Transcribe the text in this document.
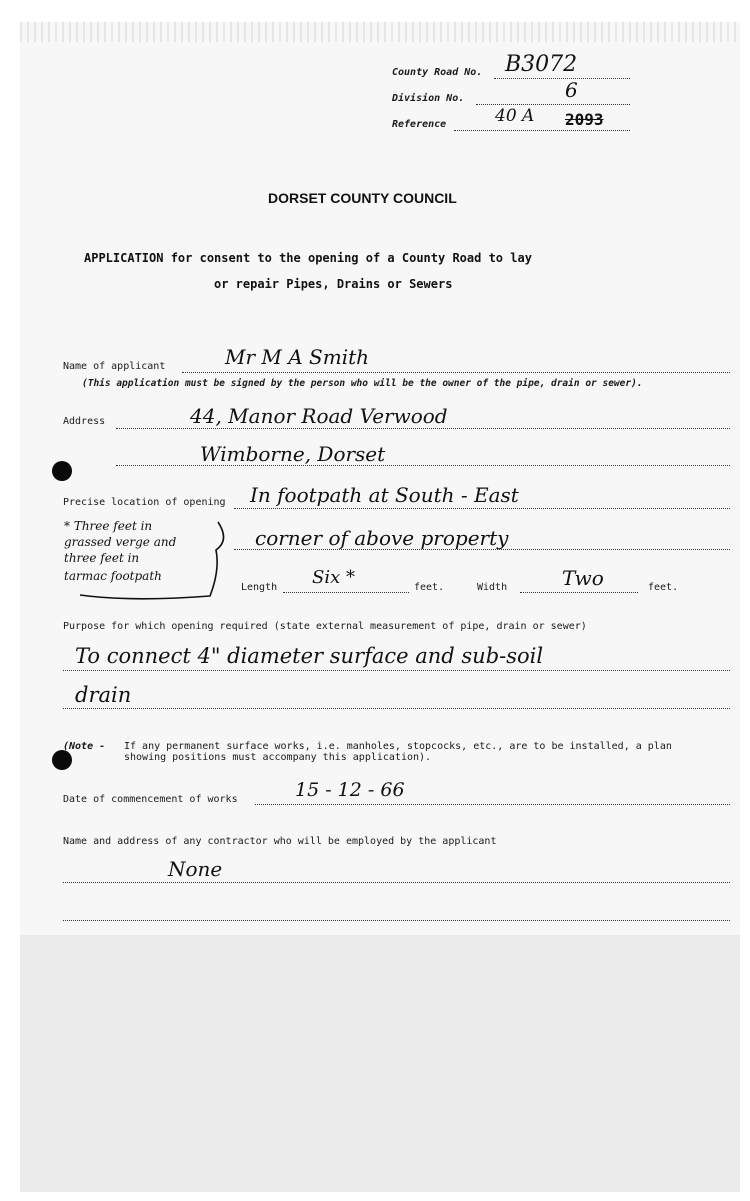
County Road No. B3072
Division No.	6
Reference	40 A 2093
DORSET COUNTY COUNCIL
APPLICATION for consent to the opening of a County Road to lay
or repair Pipes, Drains or Sewers
Name of applicant	Mr M A Smith
(This application must be signed by the person who will be the owner of the pipe, drain or sewer).
Address	44, Manor Road Verwood
Wimborne, Dorset
Precise location of opening In footpath at South - East
corner of above property
* Three feet in
grassed verge and
three feet in
tarmac footpath
Length Six *	feet.	Width	Two	feet.
Purpose for which opening required (state external measurement of pipe, drain or sewer)
To connect 4" diameter surface and sub-soil
drain
(Note - If any permanent surface works, i.e. manholes, stopcocks, etc., are to be installed, a plan
showing positions must accompany this application).
Date of commencement of works	15 - 12 - 66
Name and address of any contractor who will be employed by the applicant
None
